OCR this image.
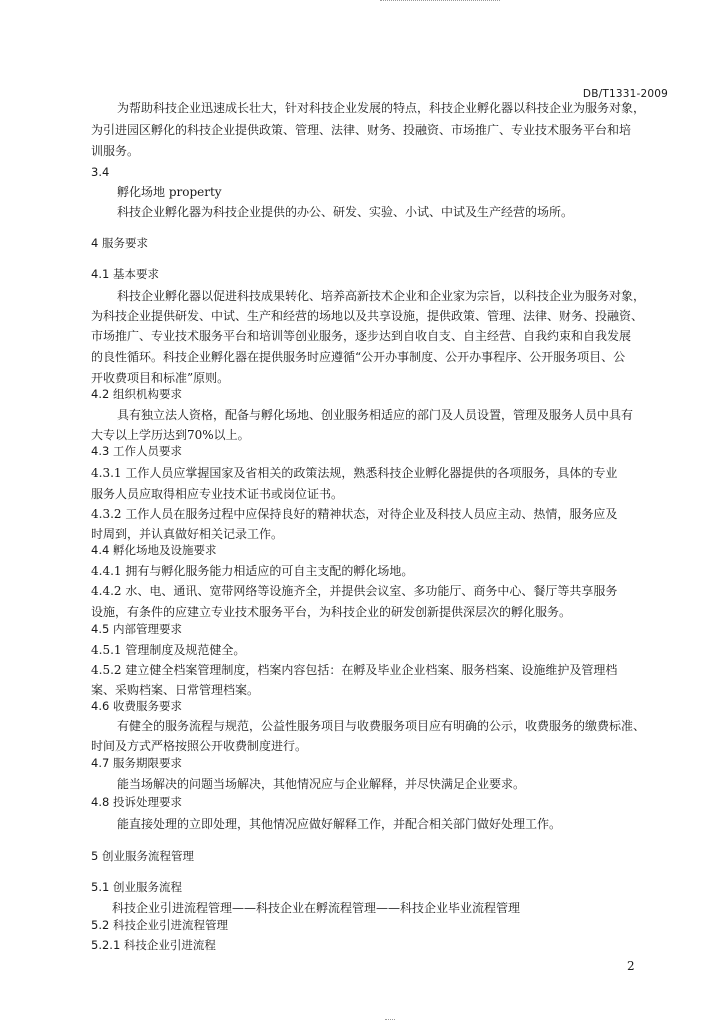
DB/T1331-2009

为帮助科技企业迅速成长壮大，针对科技企业发展的特点，科技企业孵化器以科技企业为服务对象，

为引进园区孵化的科技企业提供政策、管理、法律、财务、投融资、市场推广、专业技术服务平台和培

训服务。

3.4

孵化场地 property

科技企业孵化器为科技企业提供的办公、研发、实验、小试、中试及生产经营的场所。

4 服务要求

4.1 基本要求

科技企业孵化器以促进科技成果转化、培养高新技术企业和企业家为宗旨，以科技企业为服务对象，

为科技企业提供研发、中试、生产和经营的场地以及共享设施，提供政策、管理、法律、财务、投融资、

市场推广、专业技术服务平台和培训等创业服务，逐步达到自收自支、自主经营、自我约束和自我发展

的良性循环。科技企业孵化器在提供服务时应遵循“公开办事制度、公开办事程序、公开服务项目、公

开收费项目和标准”原则。

4.2 组织机构要求

具有独立法人资格，配备与孵化场地、创业服务相适应的部门及人员设置，管理及服务人员中具有

大专以上学历达到70%以上。

4.3 工作人员要求

4.3.1 工作人员应掌握国家及省相关的政策法规，熟悉科技企业孵化器提供的各项服务，具体的专业

服务人员应取得相应专业技术证书或岗位证书。

4.3.2 工作人员在服务过程中应保持良好的精神状态，对待企业及科技人员应主动、热情，服务应及

时周到，并认真做好相关记录工作。

4.4 孵化场地及设施要求

4.4.1 拥有与孵化服务能力相适应的可自主支配的孵化场地。

4.4.2 水、电、通讯、宽带网络等设施齐全，并提供会议室、多功能厅、商务中心、餐厅等共享服务

设施，有条件的应建立专业技术服务平台，为科技企业的研发创新提供深层次的孵化服务。

4.5 内部管理要求

4.5.1 管理制度及规范健全。

4.5.2 建立健全档案管理制度，档案内容包括：在孵及毕业企业档案、服务档案、设施维护及管理档

案、采购档案、日常管理档案。

4.6 收费服务要求

有健全的服务流程与规范，公益性服务项目与收费服务项目应有明确的公示，收费服务的缴费标准、

时间及方式严格按照公开收费制度进行。

4.7 服务期限要求

能当场解决的问题当场解决，其他情况应与企业解释，并尽快满足企业要求。

4.8 投诉处理要求

能直接处理的立即处理，其他情况应做好解释工作，并配合相关部门做好处理工作。

5 创业服务流程管理

5.1 创业服务流程

科技企业引进流程管理——科技企业在孵流程管理——科技企业毕业流程管理

5.2 科技企业引进流程管理

5.2.1 科技企业引进流程

2
